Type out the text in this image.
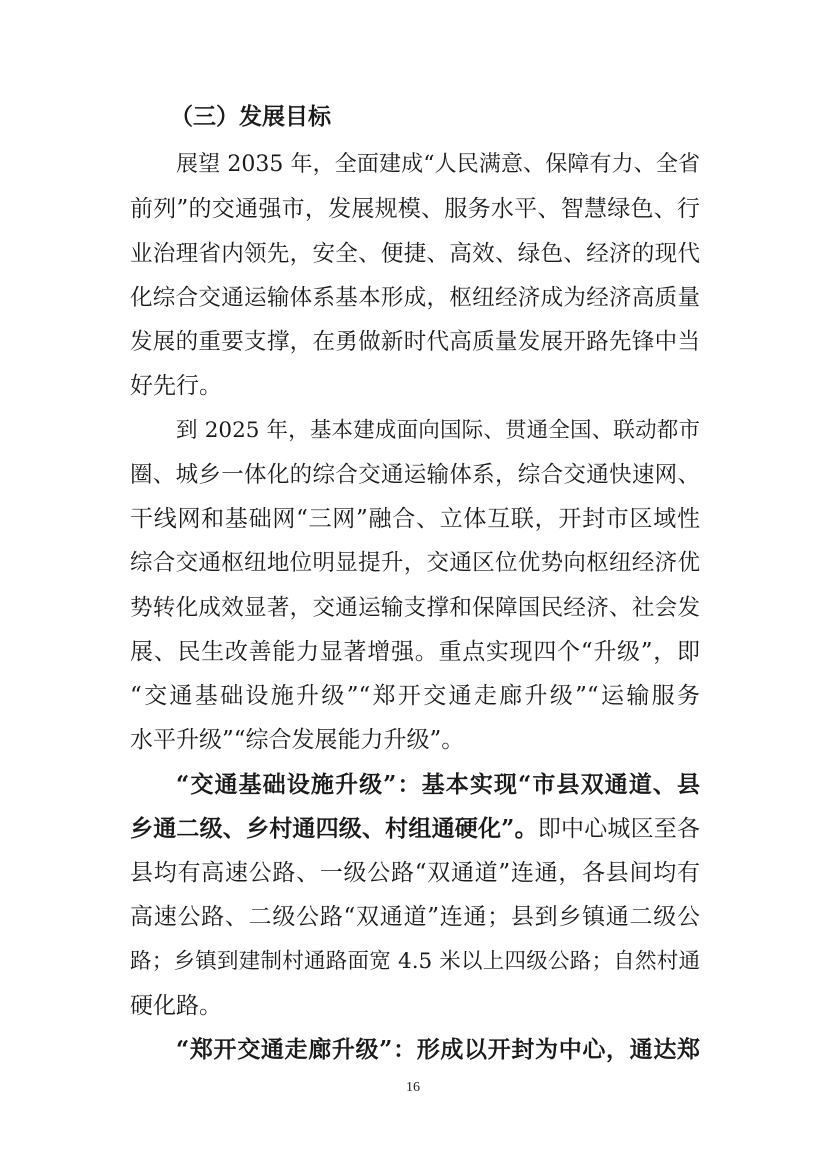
（三）发展目标
展望 2035 年，全面建成“人民满意、保障有力、全省
前列”的交通强市，发展规模、服务水平、智慧绿色、行
业治理省内领先，安全、便捷、高效、绿色、经济的现代
化综合交通运输体系基本形成，枢纽经济成为经济高质量
发展的重要支撑，在勇做新时代高质量发展开路先锋中当
好先行。
到 2025 年，基本建成面向国际、贯通全国、联动都市
圈、城乡一体化的综合交通运输体系，综合交通快速网、
干线网和基础网“三网”融合、立体互联，开封市区域性
综合交通枢纽地位明显提升，交通区位优势向枢纽经济优
势转化成效显著，交通运输支撑和保障国民经济、社会发
展、民生改善能力显著增强。重点实现四个“升级”，即
“交通基础设施升级”“郑开交通走廊升级”“运输服务
水平升级”“综合发展能力升级”。
“交通基础设施升级”：基本实现“市县双通道、县
乡通二级、乡村通四级、村组通硬化”。即中心城区至各
县均有高速公路、一级公路“双通道”连通，各县间均有
高速公路、二级公路“双通道”连通；县到乡镇通二级公
路；乡镇到建制村通路面宽 4.5 米以上四级公路；自然村通
硬化路。
“郑开交通走廊升级”：形成以开封为中心，通达郑
16
